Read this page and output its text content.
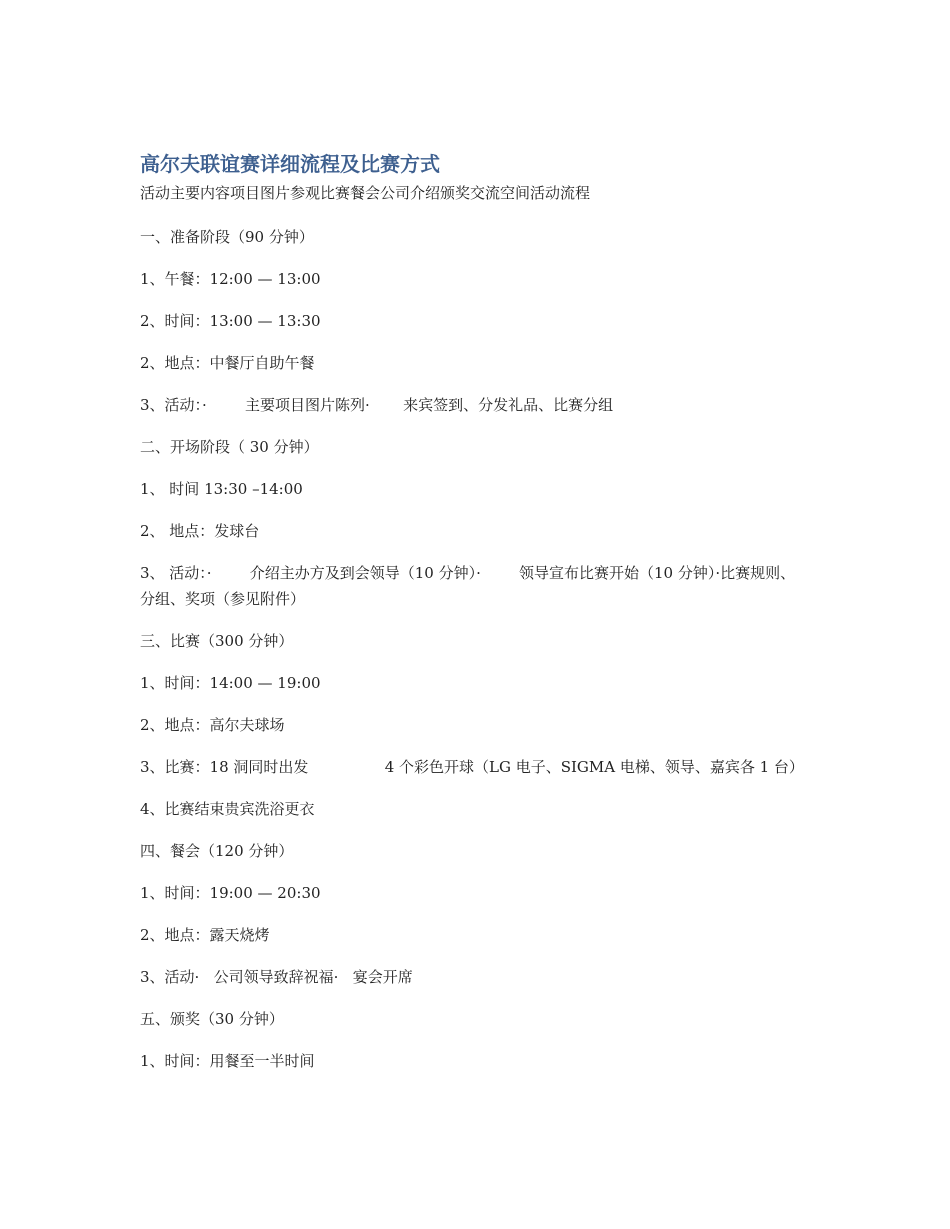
高尔夫联谊赛详细流程及比赛方式
活动主要内容项目图片参观比赛餐会公司介绍颁奖交流空间活动流程
一、准备阶段（90 分钟）
1、午餐：12:00 — 13:00
2、时间：13:00 — 13:30
2、地点：中餐厅自助午餐
3、活动：·        主要项目图片陈列·       来宾签到、分发礼品、比赛分组
二、开场阶段（ 30 分钟）
1、 时间 13:30 –14:00
2、 地点：发球台
3、 活动：·        介绍主办方及到会领导（10 分钟）·        领导宣布比赛开始（10 分钟）·比赛规则、分组、奖项（参见附件）
三、比赛（300 分钟）
1、时间：14:00 — 19:00
2、地点：高尔夫球场
3、比赛：18 洞同时出发                4 个彩色开球（LG 电子、SIGMA 电梯、领导、嘉宾各 1 台）
4、比赛结束贵宾洗浴更衣
四、餐会（120 分钟）
1、时间：19:00 — 20:30
2、地点：露天烧烤
3、活动·   公司领导致辞祝福·   宴会开席
五、颁奖（30 分钟）
1、时间：用餐至一半时间
